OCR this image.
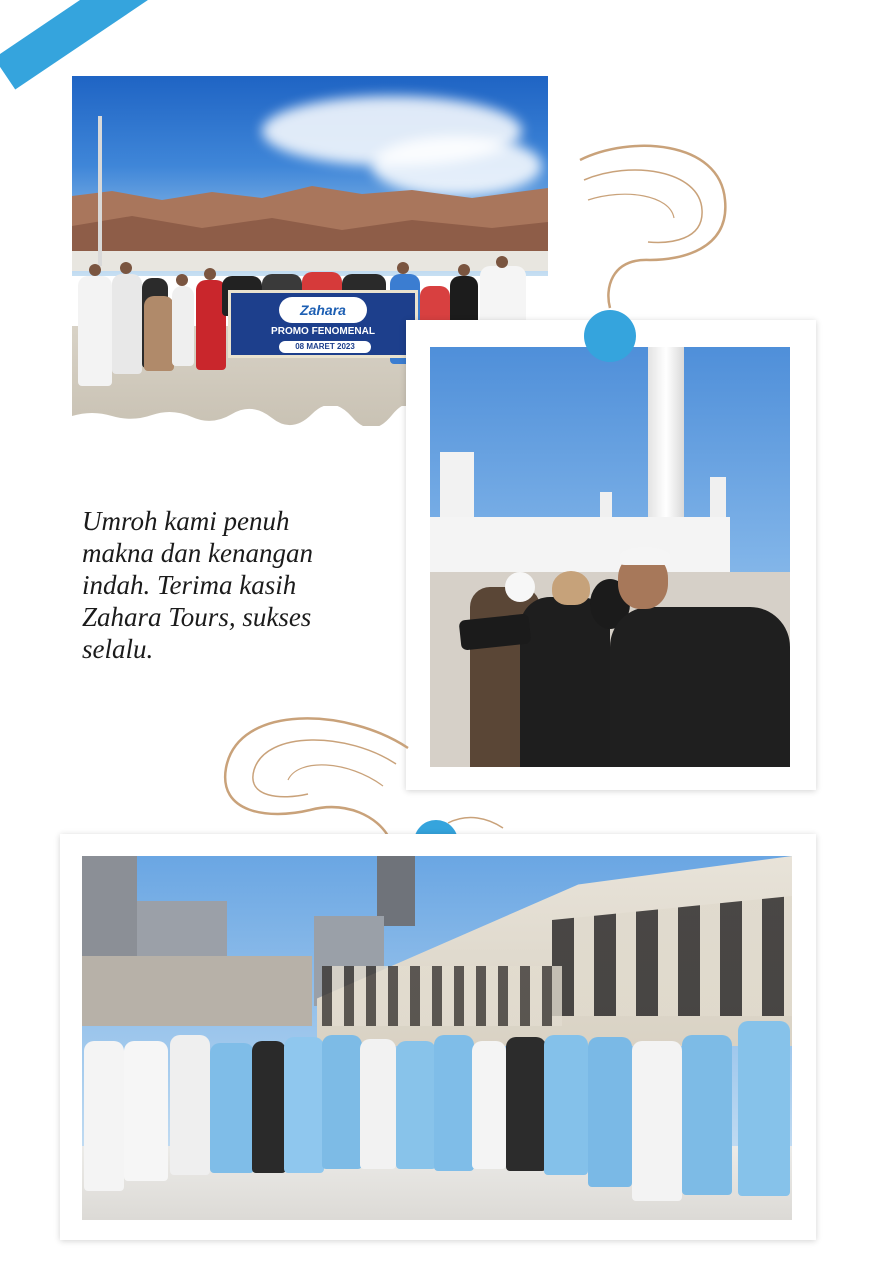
Zahara
PROMO FENOMENAL
08 MARET 2023
Umroh kami penuh
makna dan kenangan
indah. Terima kasih
Zahara Tours, sukses
selalu.
